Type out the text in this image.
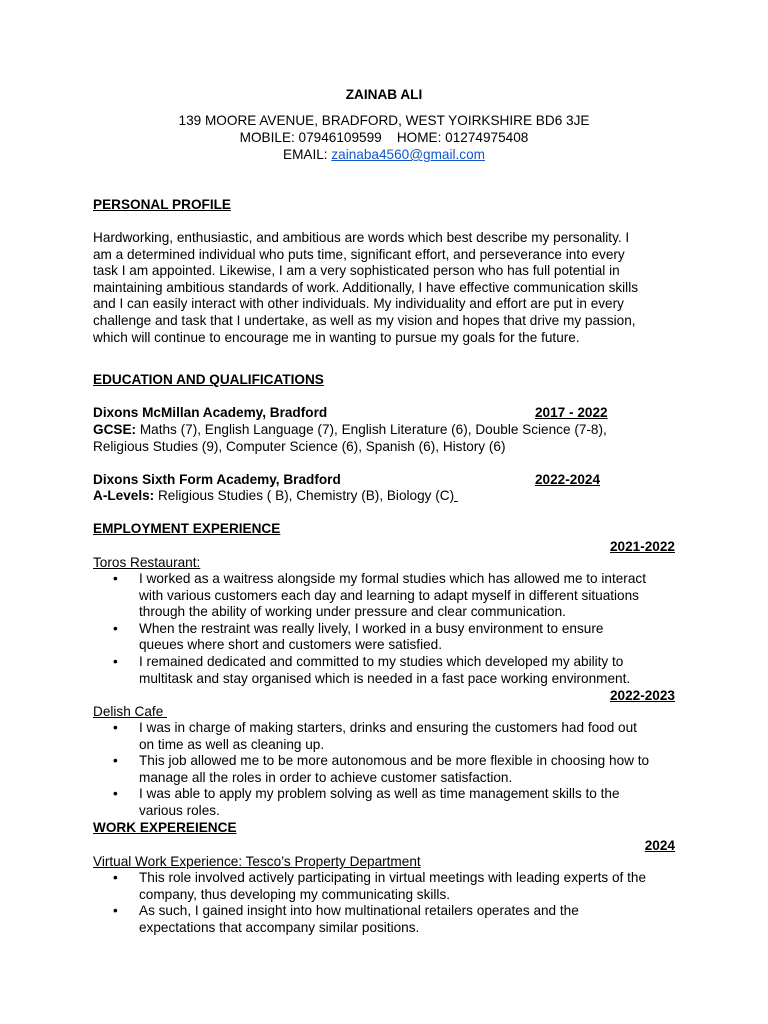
ZAINAB ALI
139 MOORE AVENUE, BRADFORD, WEST YOIRKSHIRE BD6 3JE
MOBILE: 07946109599    HOME: 01274975408
EMAIL: zainaba4560@gmail.com
PERSONAL PROFILE
Hardworking, enthusiastic, and ambitious are words which best describe my personality. I
am a determined individual who puts time, significant effort, and perseverance into every
task I am appointed. Likewise, I am a very sophisticated person who has full potential in
maintaining ambitious standards of work. Additionally, I have effective communication skills
and I can easily interact with other individuals. My individuality and effort are put in every
challenge and task that I undertake, as well as my vision and hopes that drive my passion,
which will continue to encourage me in wanting to pursue my goals for the future.
EDUCATION AND QUALIFICATIONS
Dixons McMillan Academy, Bradford	2017 - 2022
GCSE: Maths (7), English Language (7), English Literature (6), Double Science (7-8),
Religious Studies (9), Computer Science (6), Spanish (6), History (6)
Dixons Sixth Form Academy, Bradford	2022-2024
A-Levels: Religious Studies ( B), Chemistry (B), Biology (C)
EMPLOYMENT EXPERIENCE
2021-2022
Toros Restaurant:
• I worked as a waitress alongside my formal studies which has allowed me to interact
with various customers each day and learning to adapt myself in different situations
through the ability of working under pressure and clear communication.
• When the restraint was really lively, I worked in a busy environment to ensure
queues where short and customers were satisfied.
• I remained dedicated and committed to my studies which developed my ability to
multitask and stay organised which is needed in a fast pace working environment.
2022-2023
Delish Cafe
• I was in charge of making starters, drinks and ensuring the customers had food out
on time as well as cleaning up.
• This job allowed me to be more autonomous and be more flexible in choosing how to
manage all the roles in order to achieve customer satisfaction.
• I was able to apply my problem solving as well as time management skills to the
various roles.
WORK EXPEREIENCE
2024
Virtual Work Experience: Tesco’s Property Department
• This role involved actively participating in virtual meetings with leading experts of the
company, thus developing my communicating skills.
• As such, I gained insight into how multinational retailers operates and the
expectations that accompany similar positions.
